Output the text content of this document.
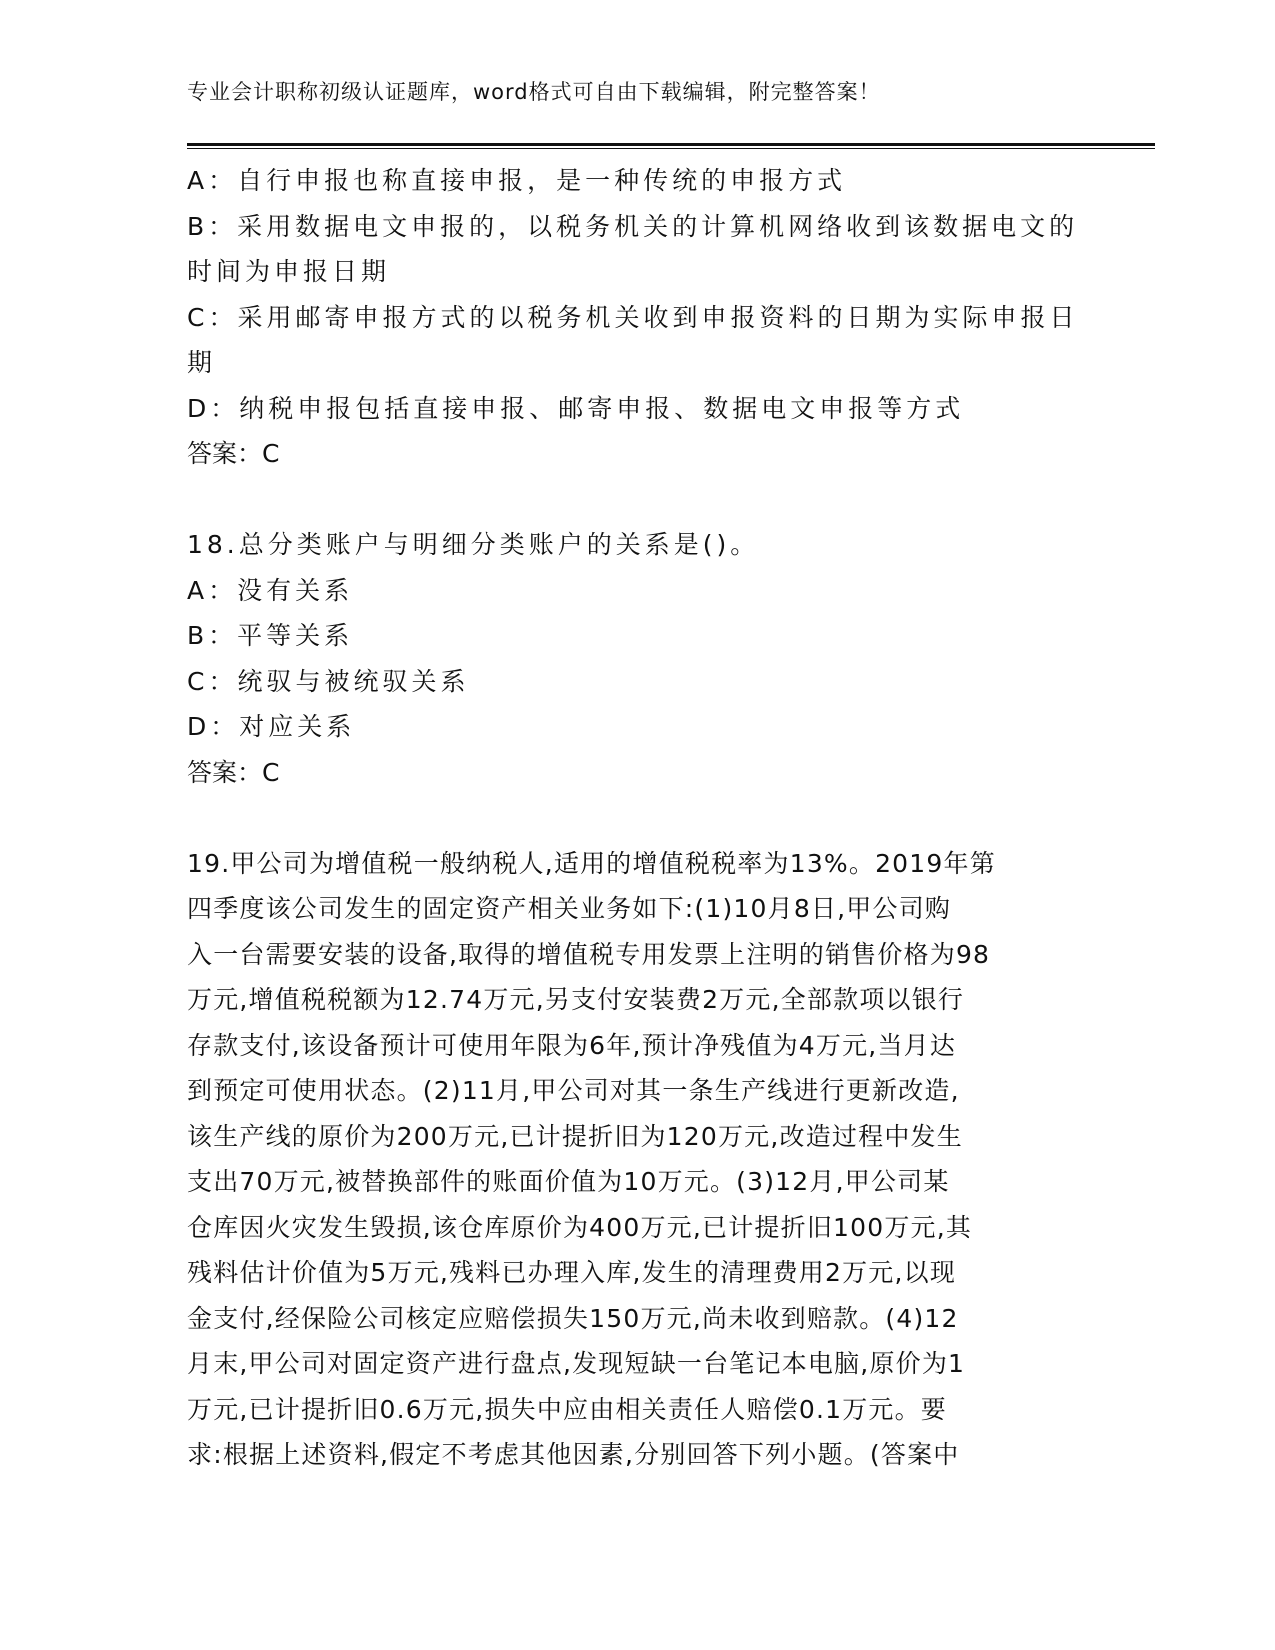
专业会计职称初级认证题库，word格式可自由下载编辑，附完整答案！
A：自行申报也称直接申报，是一种传统的申报方式
B：采用数据电文申报的，以税务机关的计算机网络收到该数据电文的
时间为申报日期
C：采用邮寄申报方式的以税务机关收到申报资料的日期为实际申报日
期
D：纳税申报包括直接申报、邮寄申报、数据电文申报等方式
答案：C
18.总分类账户与明细分类账户的关系是()。
A：没有关系
B：平等关系
C：统驭与被统驭关系
D：对应关系
答案：C
19.甲公司为增值税一般纳税人,适用的增值税税率为13%。2019年第
四季度该公司发生的固定资产相关业务如下:(1)10月8日,甲公司购
入一台需要安装的设备,取得的增值税专用发票上注明的销售价格为98
万元,增值税税额为12.74万元,另支付安装费2万元,全部款项以银行
存款支付,该设备预计可使用年限为6年,预计净残值为4万元,当月达
到预定可使用状态。(2)11月,甲公司对其一条生产线进行更新改造,
该生产线的原价为200万元,已计提折旧为120万元,改造过程中发生
支出70万元,被替换部件的账面价值为10万元。(3)12月,甲公司某
仓库因火灾发生毁损,该仓库原价为400万元,已计提折旧100万元,其
残料估计价值为5万元,残料已办理入库,发生的清理费用2万元,以现
金支付,经保险公司核定应赔偿损失150万元,尚未收到赔款。(4)12
月末,甲公司对固定资产进行盘点,发现短缺一台笔记本电脑,原价为1
万元,已计提折旧0.6万元,损失中应由相关责任人赔偿0.1万元。要
求:根据上述资料,假定不考虑其他因素,分别回答下列小题。(答案中
